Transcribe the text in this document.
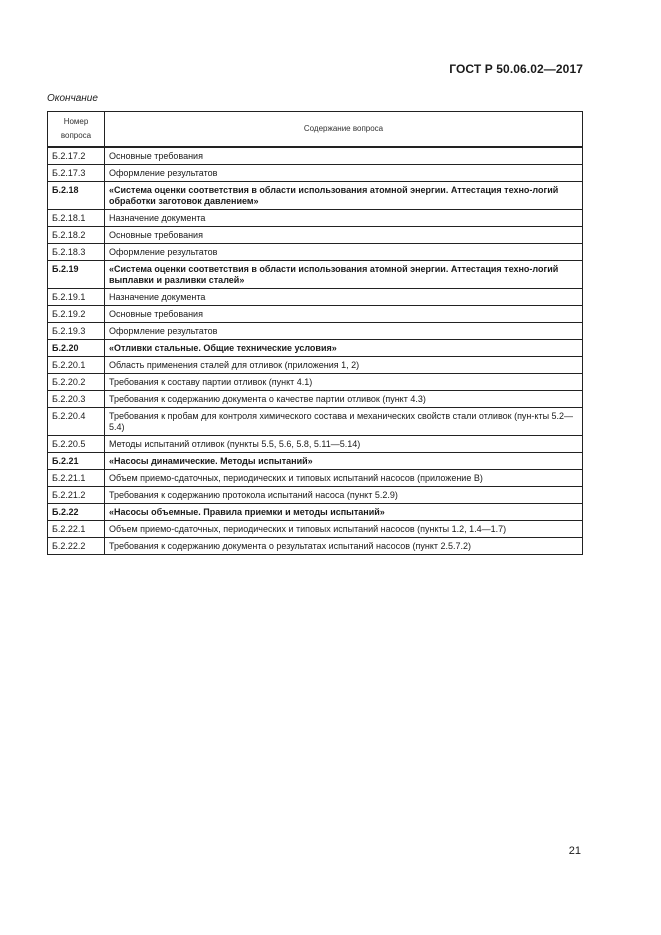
ГОСТ Р 50.06.02—2017
Окончание
Номер вопроса	Содержание вопроса
Б.2.17.2	Основные требования
Б.2.17.3	Оформление результатов
Б.2.18	«Система оценки соответствия в области использования атомной энергии. Аттестация техно-логий обработки заготовок давлением»
Б.2.18.1	Назначение документа
Б.2.18.2	Основные требования
Б.2.18.3	Оформление результатов
Б.2.19	«Система оценки соответствия в области использования атомной энергии. Аттестация техно-логий выплавки и разливки сталей»
Б.2.19.1	Назначение документа
Б.2.19.2	Основные требования
Б.2.19.3	Оформление результатов
Б.2.20	«Отливки стальные. Общие технические условия»
Б.2.20.1	Область применения сталей для отливок (приложения 1, 2)
Б.2.20.2	Требования к составу партии отливок (пункт 4.1)
Б.2.20.3	Требования к содержанию документа о качестве партии отливок (пункт 4.3)
Б.2.20.4	Требования к пробам для контроля химического состава и механических свойств стали отливок (пун-кты 5.2—5.4)
Б.2.20.5	Методы испытаний отливок (пункты 5.5, 5.6, 5.8, 5.11—5.14)
Б.2.21	«Насосы динамические. Методы испытаний»
Б.2.21.1	Объем приемо-сдаточных, периодических и типовых испытаний насосов (приложение В)
Б.2.21.2	Требования к содержанию протокола испытаний насоса (пункт 5.2.9)
Б.2.22	«Насосы объемные. Правила приемки и методы испытаний»
Б.2.22.1	Объем приемо-сдаточных, периодических и типовых испытаний насосов (пункты 1.2, 1.4—1.7)
Б.2.22.2	Требования к содержанию документа о результатах испытаний насосов (пункт 2.5.7.2)
21
